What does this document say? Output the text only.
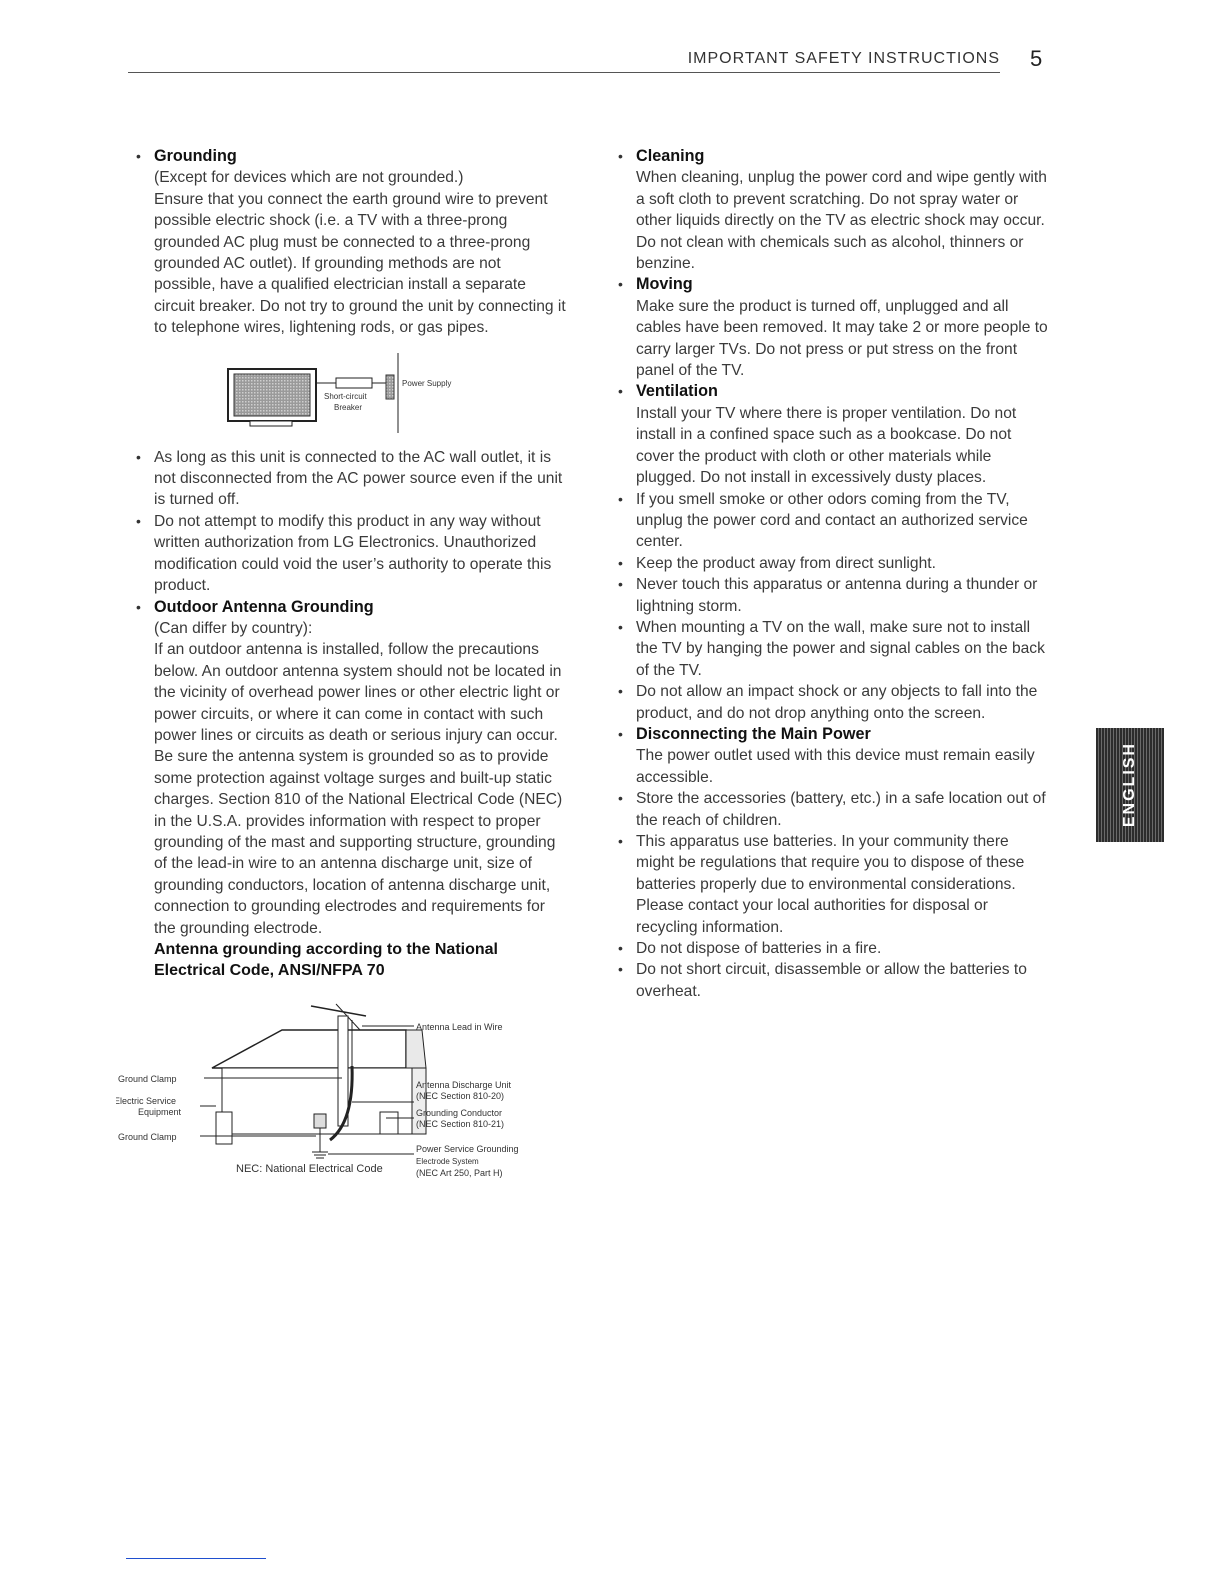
IMPORTANT SAFETY INSTRUCTIONS 5
• Grounding
(Except for devices which are not grounded.)
Ensure that you connect the earth ground wire to prevent possible electric shock (i.e. a TV with a three-prong grounded AC plug must be connected to a three-prong grounded AC outlet). If grounding methods are not possible, have a qualified electrician install a separate circuit breaker. Do not try to ground the unit by connecting it to telephone wires, lightening rods, or gas pipes.
Short-circuit
Breaker
Power Supply
• As long as this unit is connected to the AC wall outlet, it is not disconnected from the AC power source even if the unit is turned off.
• Do not attempt to modify this product in any way without written authorization from LG Electronics. Unauthorized modification could void the user’s authority to operate this product.
• Outdoor Antenna Grounding
(Can differ by country):
If an outdoor antenna is installed, follow the precautions below. An outdoor antenna system should not be located in the vicinity of overhead power lines or other electric light or power circuits, or where it can come in contact with such power lines or circuits as death or serious injury can occur. Be sure the antenna system is grounded so as to provide some protection against voltage surges and built-up static charges. Section 810 of the National Electrical Code (NEC) in the U.S.A. provides information with respect to proper grounding of the mast and supporting structure, grounding of the lead-in wire to an antenna discharge unit, size of grounding conductors, location of antenna discharge unit, connection to grounding electrodes and requirements for the grounding electrode.
Antenna grounding according to the National Electrical Code, ANSI/NFPA 70
Antenna Lead in Wire
Ground Clamp
Electric Service
Equipment
Ground Clamp
Antenna Discharge Unit
(NEC Section 810-20)
Grounding Conductor
(NEC Section 810-21)
Power Service Grounding
Electrode System
(NEC Art 250, Part H)
NEC: National Electrical Code
• Cleaning
When cleaning, unplug the power cord and wipe gently with a soft cloth to prevent scratching. Do not spray water or other liquids directly on the TV as electric shock may occur. Do not clean with chemicals such as alcohol, thinners or benzine.
• Moving
Make sure the product is turned off, unplugged and all cables have been removed. It may take 2 or more people to carry larger TVs. Do not press or put stress on the front panel of the TV.
• Ventilation
Install your TV where there is proper ventilation. Do not install in a confined space such as a bookcase. Do not cover the product with cloth or other materials while plugged. Do not install in excessively dusty places.
• If you smell smoke or other odors coming from the TV, unplug the power cord and contact an authorized service center.
• Keep the product away from direct sunlight.
• Never touch this apparatus or antenna during a thunder or lightning storm.
• When mounting a TV on the wall, make sure not to install the TV by hanging the power and signal cables on the back of the TV.
• Do not allow an impact shock or any objects to fall into the product, and do not drop anything onto the screen.
• Disconnecting the Main Power
The power outlet used with this device must remain easily accessible.
• Store the accessories (battery, etc.) in a safe location out of the reach of children.
• This apparatus use batteries. In your community there might be regulations that require you to dispose of these batteries properly due to environmental considerations. Please contact your local authorities for disposal or recycling information.
• Do not dispose of batteries in a fire.
• Do not short circuit, disassemble or allow the batteries to overheat.
ENGLISH
